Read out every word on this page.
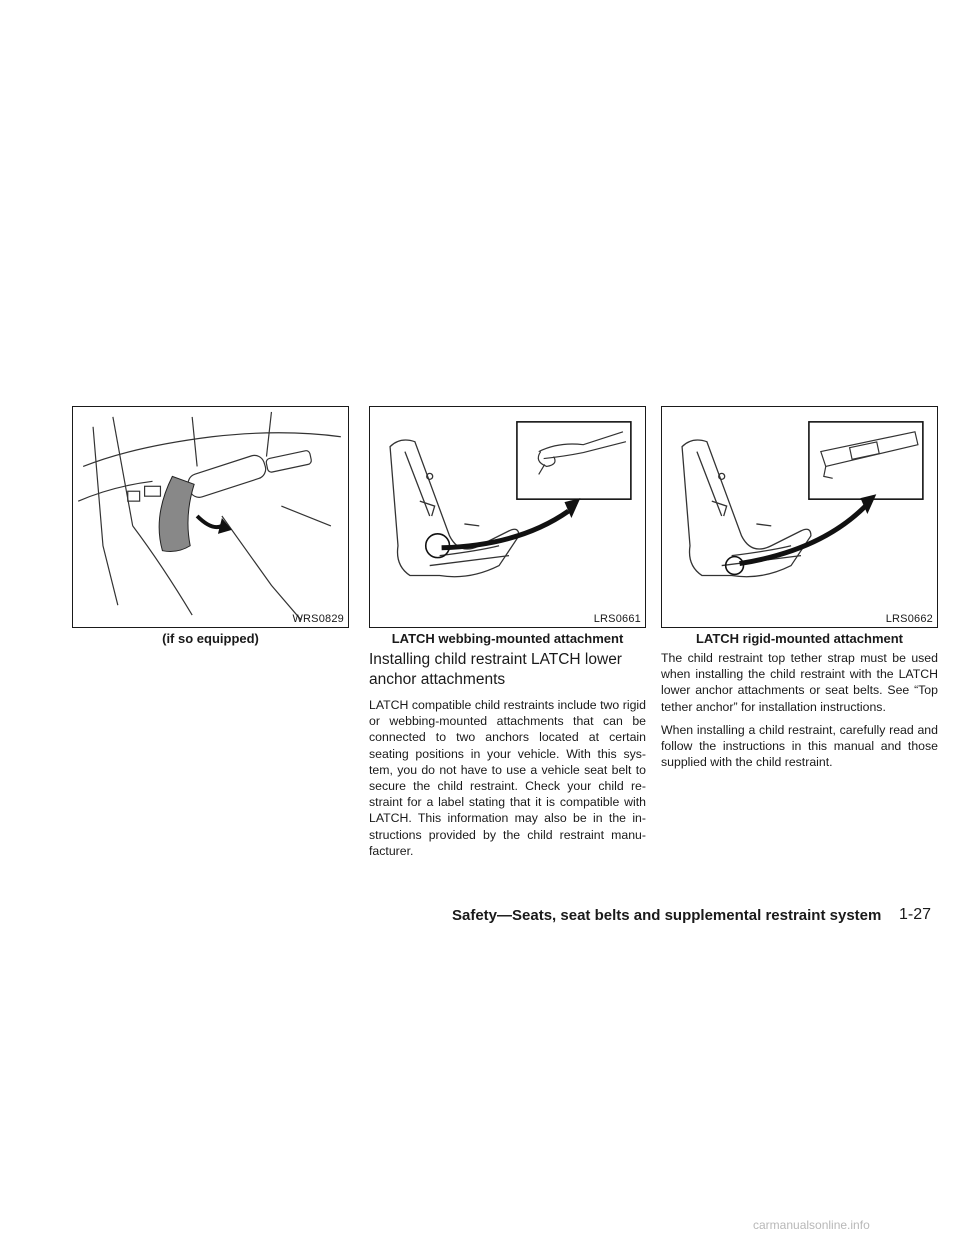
WRS0829
(if so equipped)
LRS0661
LATCH webbing-mounted attachment
LRS0662
LATCH rigid-mounted attachment
Installing child restraint LATCH lower anchor attachments

LATCH compatible child restraints include two rigid or webbing-mounted attachments that can be connected to two anchors located at certain seating positions in your vehicle. With this sys-tem, you do not have to use a vehicle seat belt to secure the child restraint. Check your child re-straint for a label stating that it is compatible with LATCH. This information may also be in the in-structions provided by the child restraint manu-facturer.

The child restraint top tether strap must be used when installing the child restraint with the LATCH lower anchor attachments or seat belts. See “Top tether anchor” for installation instructions.

When installing a child restraint, carefully read and follow the instructions in this manual and those supplied with the child restraint.

Safety—Seats, seat belts and supplemental restraint system 1-27
carmanualsonline.info
